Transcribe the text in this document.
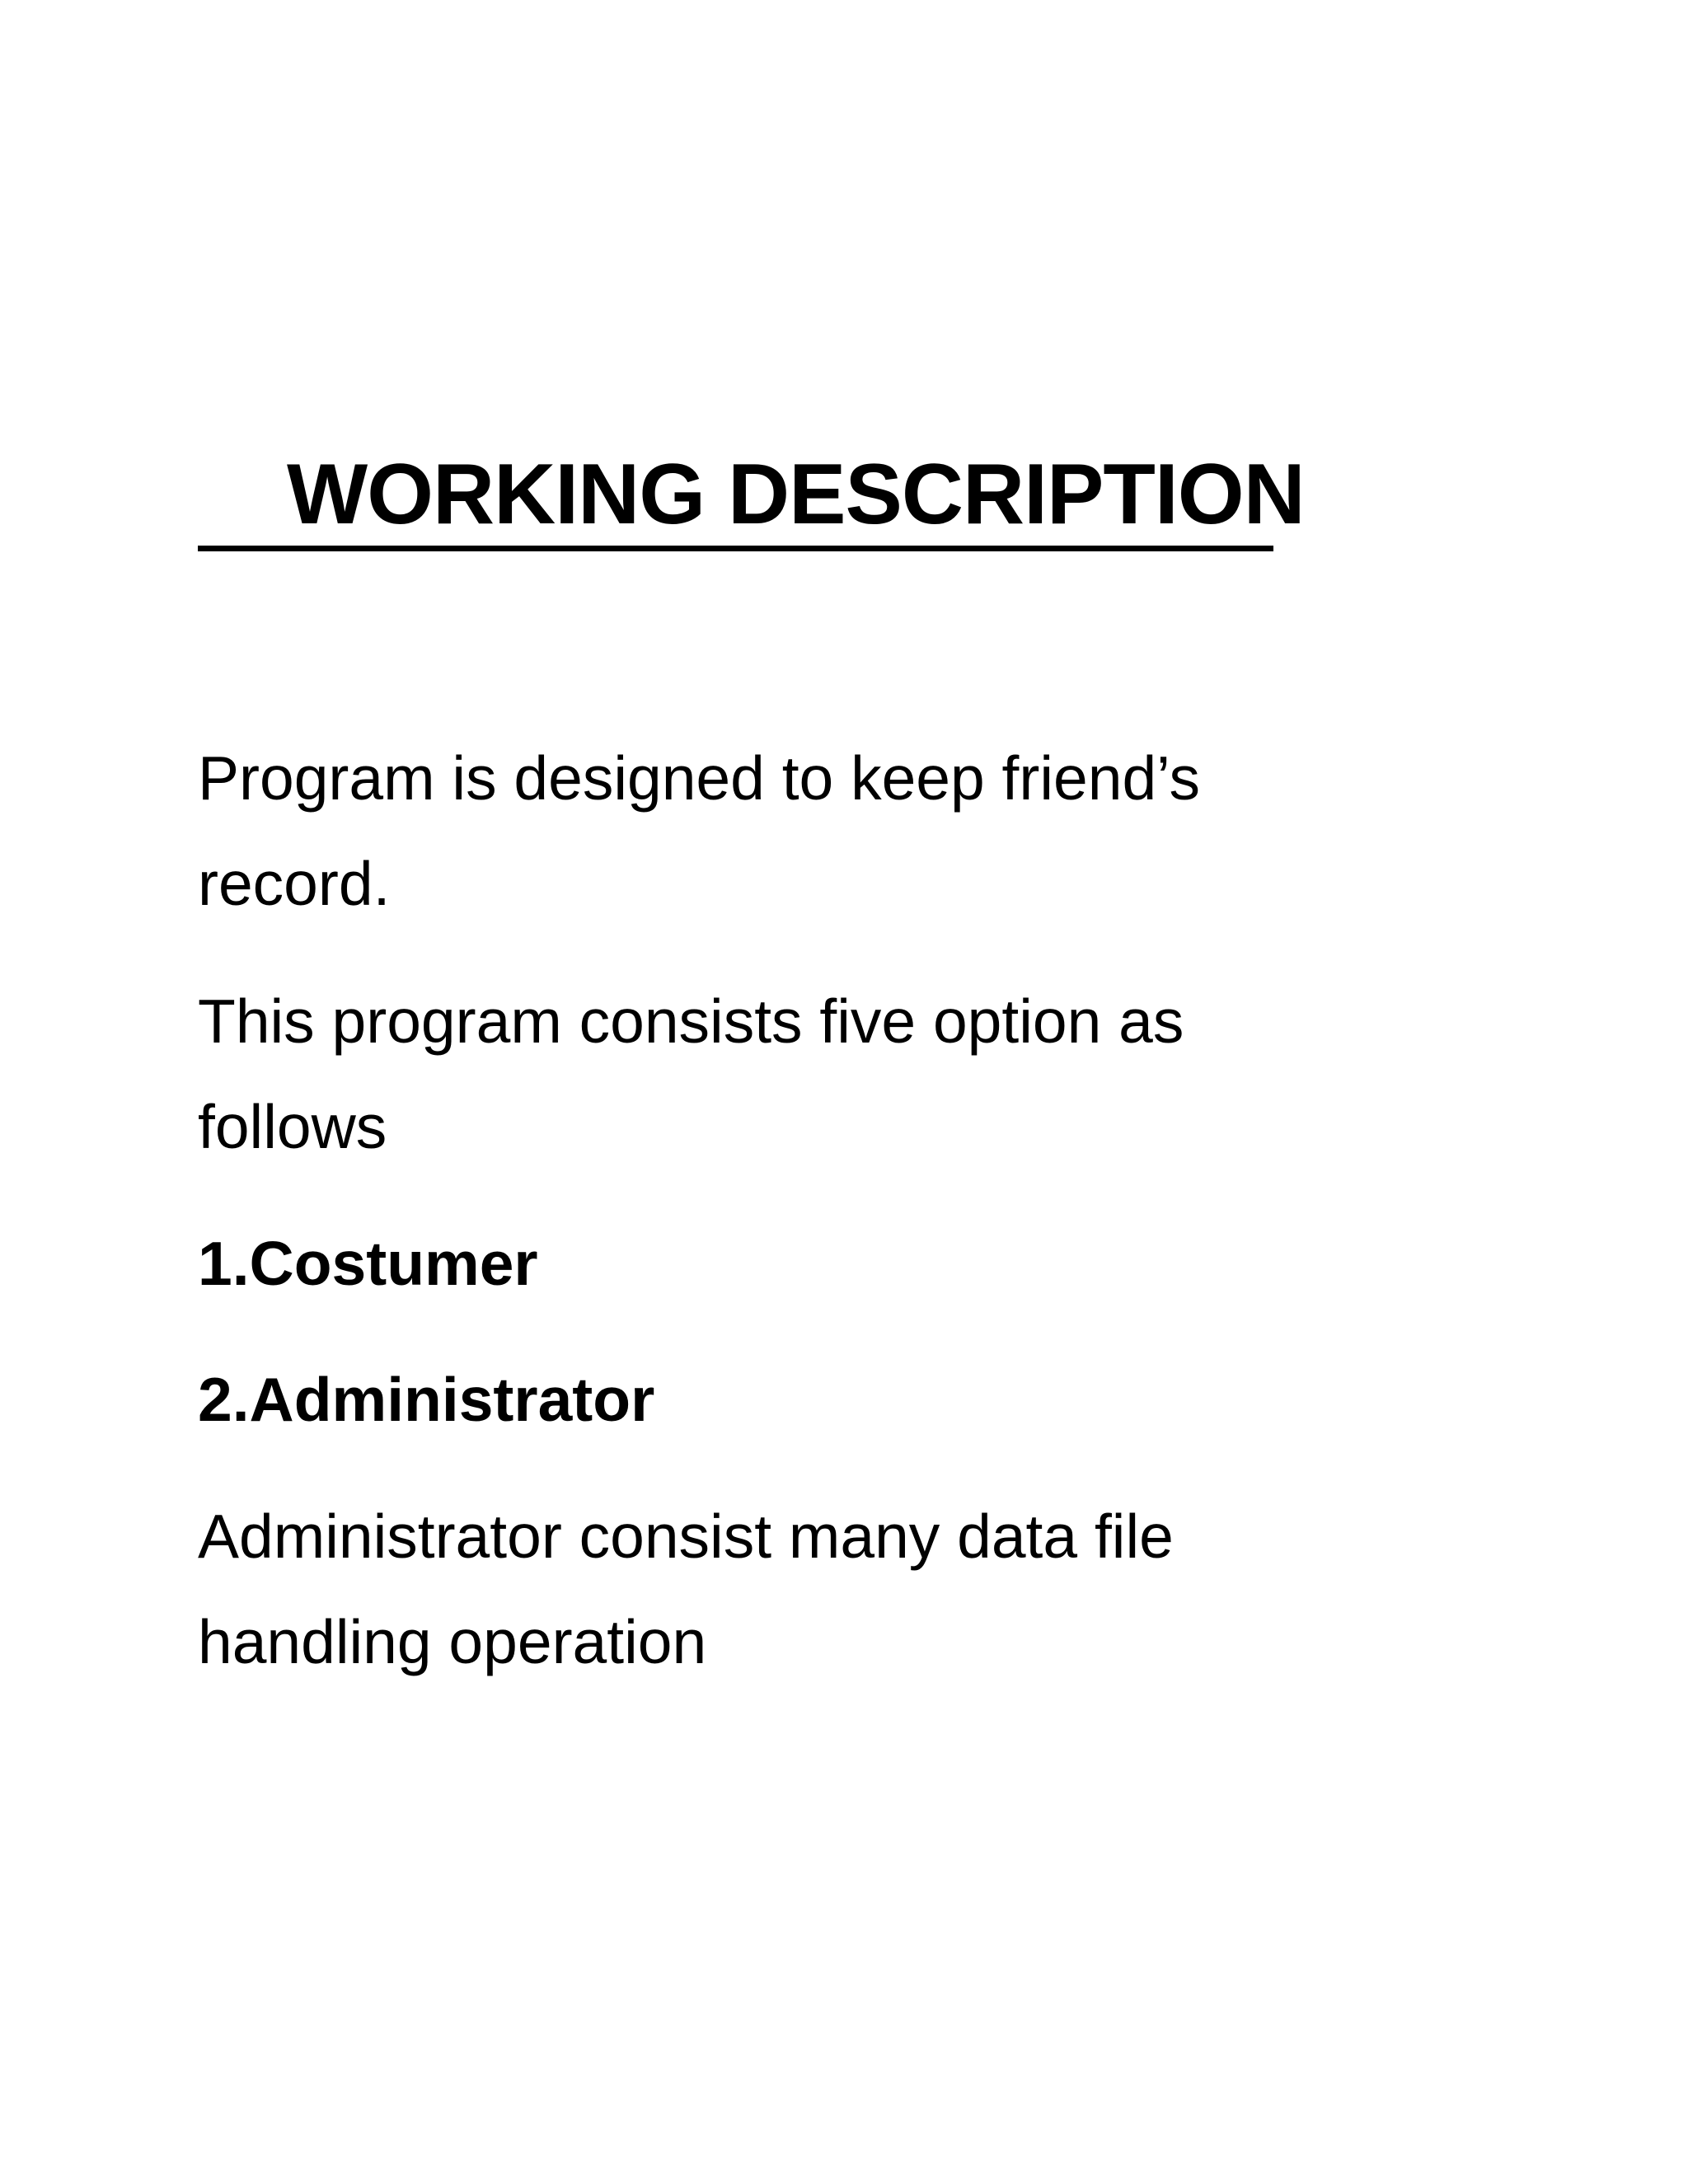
WORKING DESCRIPTION
Program is designed to keep friend’s
record.
This program consists five option as
follows
1.Costumer
2.Administrator
Administrator consist many data file
handling operation
